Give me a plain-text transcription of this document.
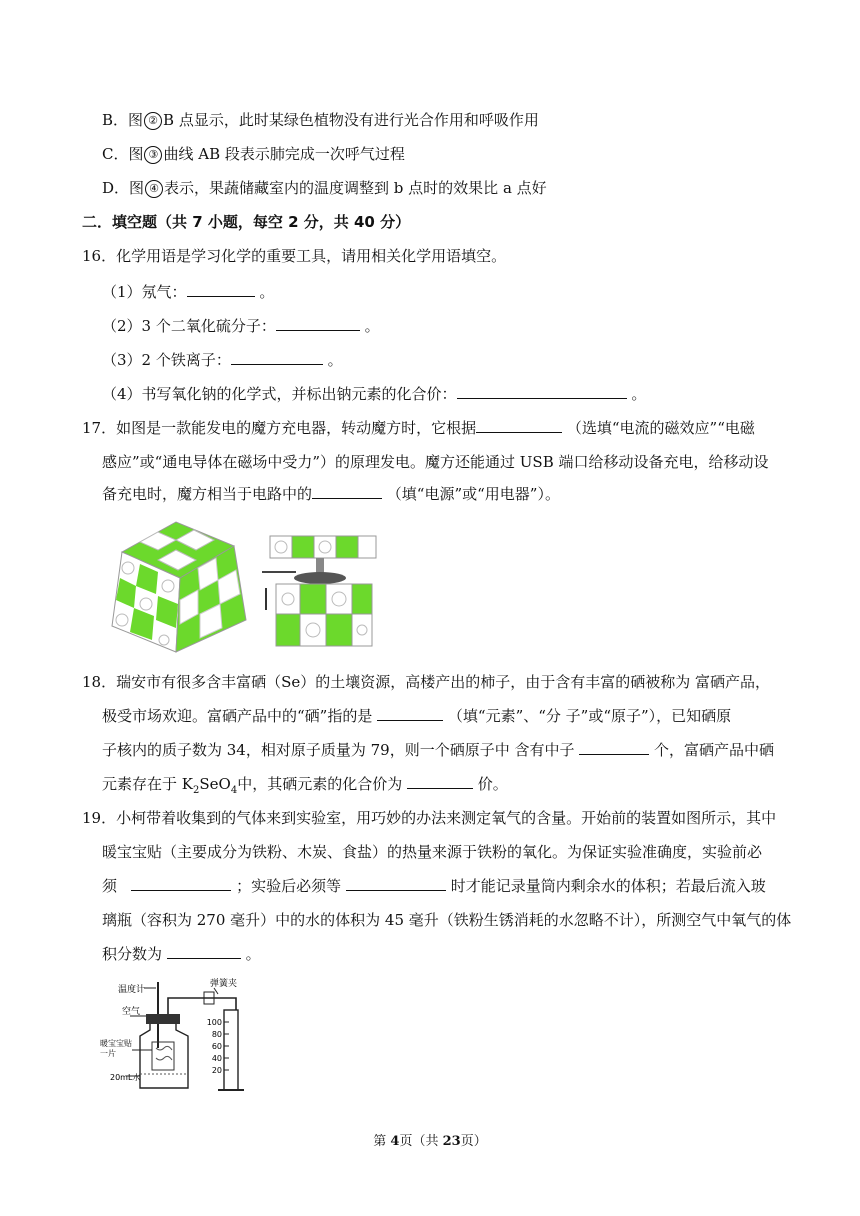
B．图 ② B 点显示，此时某绿色植物没有进行光合作用和呼吸作用
C．图 ③ 曲线 AB 段表示肺完成一次呼气过程
D．图 ④ 表示，果蔬储藏室内的温度调整到 b 点时的效果比 a 点好
二．填空题（共 7 小题，每空 2 分，共 40 分）
16．化学用语是学习化学的重要工具，请用相关化学用语填空。
（1）氖气：	。
（2）3 个二氧化硫分子：	。
（3）2 个铁离子：	。
（4）书写氧化钠的化学式，并标出钠元素的化合价：	。
17．如图是一款能发电的魔方充电器，转动魔方时，它根据	（选填“电流的磁效应”“电磁
感应”或“通电导体在磁场中受力”）的原理发电。魔方还能通过 USB 端口给移动设备充电，给移动设
备充电时，魔方相当于电路中的	（填“电源”或“用电器”）。
18．瑞安市有很多含丰富硒（Se）的土壤资源，高楼产出的柿子，由于含有丰富的硒被称为 富硒产品，
极受市场欢迎。富硒产品中的“硒”指的是	（填“元素”、“分 子”或“原子”），已知硒原
子核内的质子数为 34，相对原子质量为 79，则一个硒原子中 含有中子	个，富硒产品中硒
元素存在于 $K_2SeO_4$中，其硒元素的化合价为	价。
19．小柯带着收集到的气体来到实验室，用巧妙的办法来测定氧气的含量。开始前的装置如图所示，其中
暖宝宝贴（主要成分为铁粉、木炭、食盐）的热量来源于铁粉的氧化。为保证实验准确度，实验前必
须	；实验后必须等	时才能记录量筒内剩余水的体积；若最后流入玻
璃瓶（容积为 270 毫升）中的水的体积为 45 毫升（铁粉生锈消耗的水忽略不计），所测空气中氧气的体
积分数为	。
温度计
弹簧夹
空气
暖宝宝贴
一片
20mL水
100
80
60
40
20
第 4页（共 23页）
